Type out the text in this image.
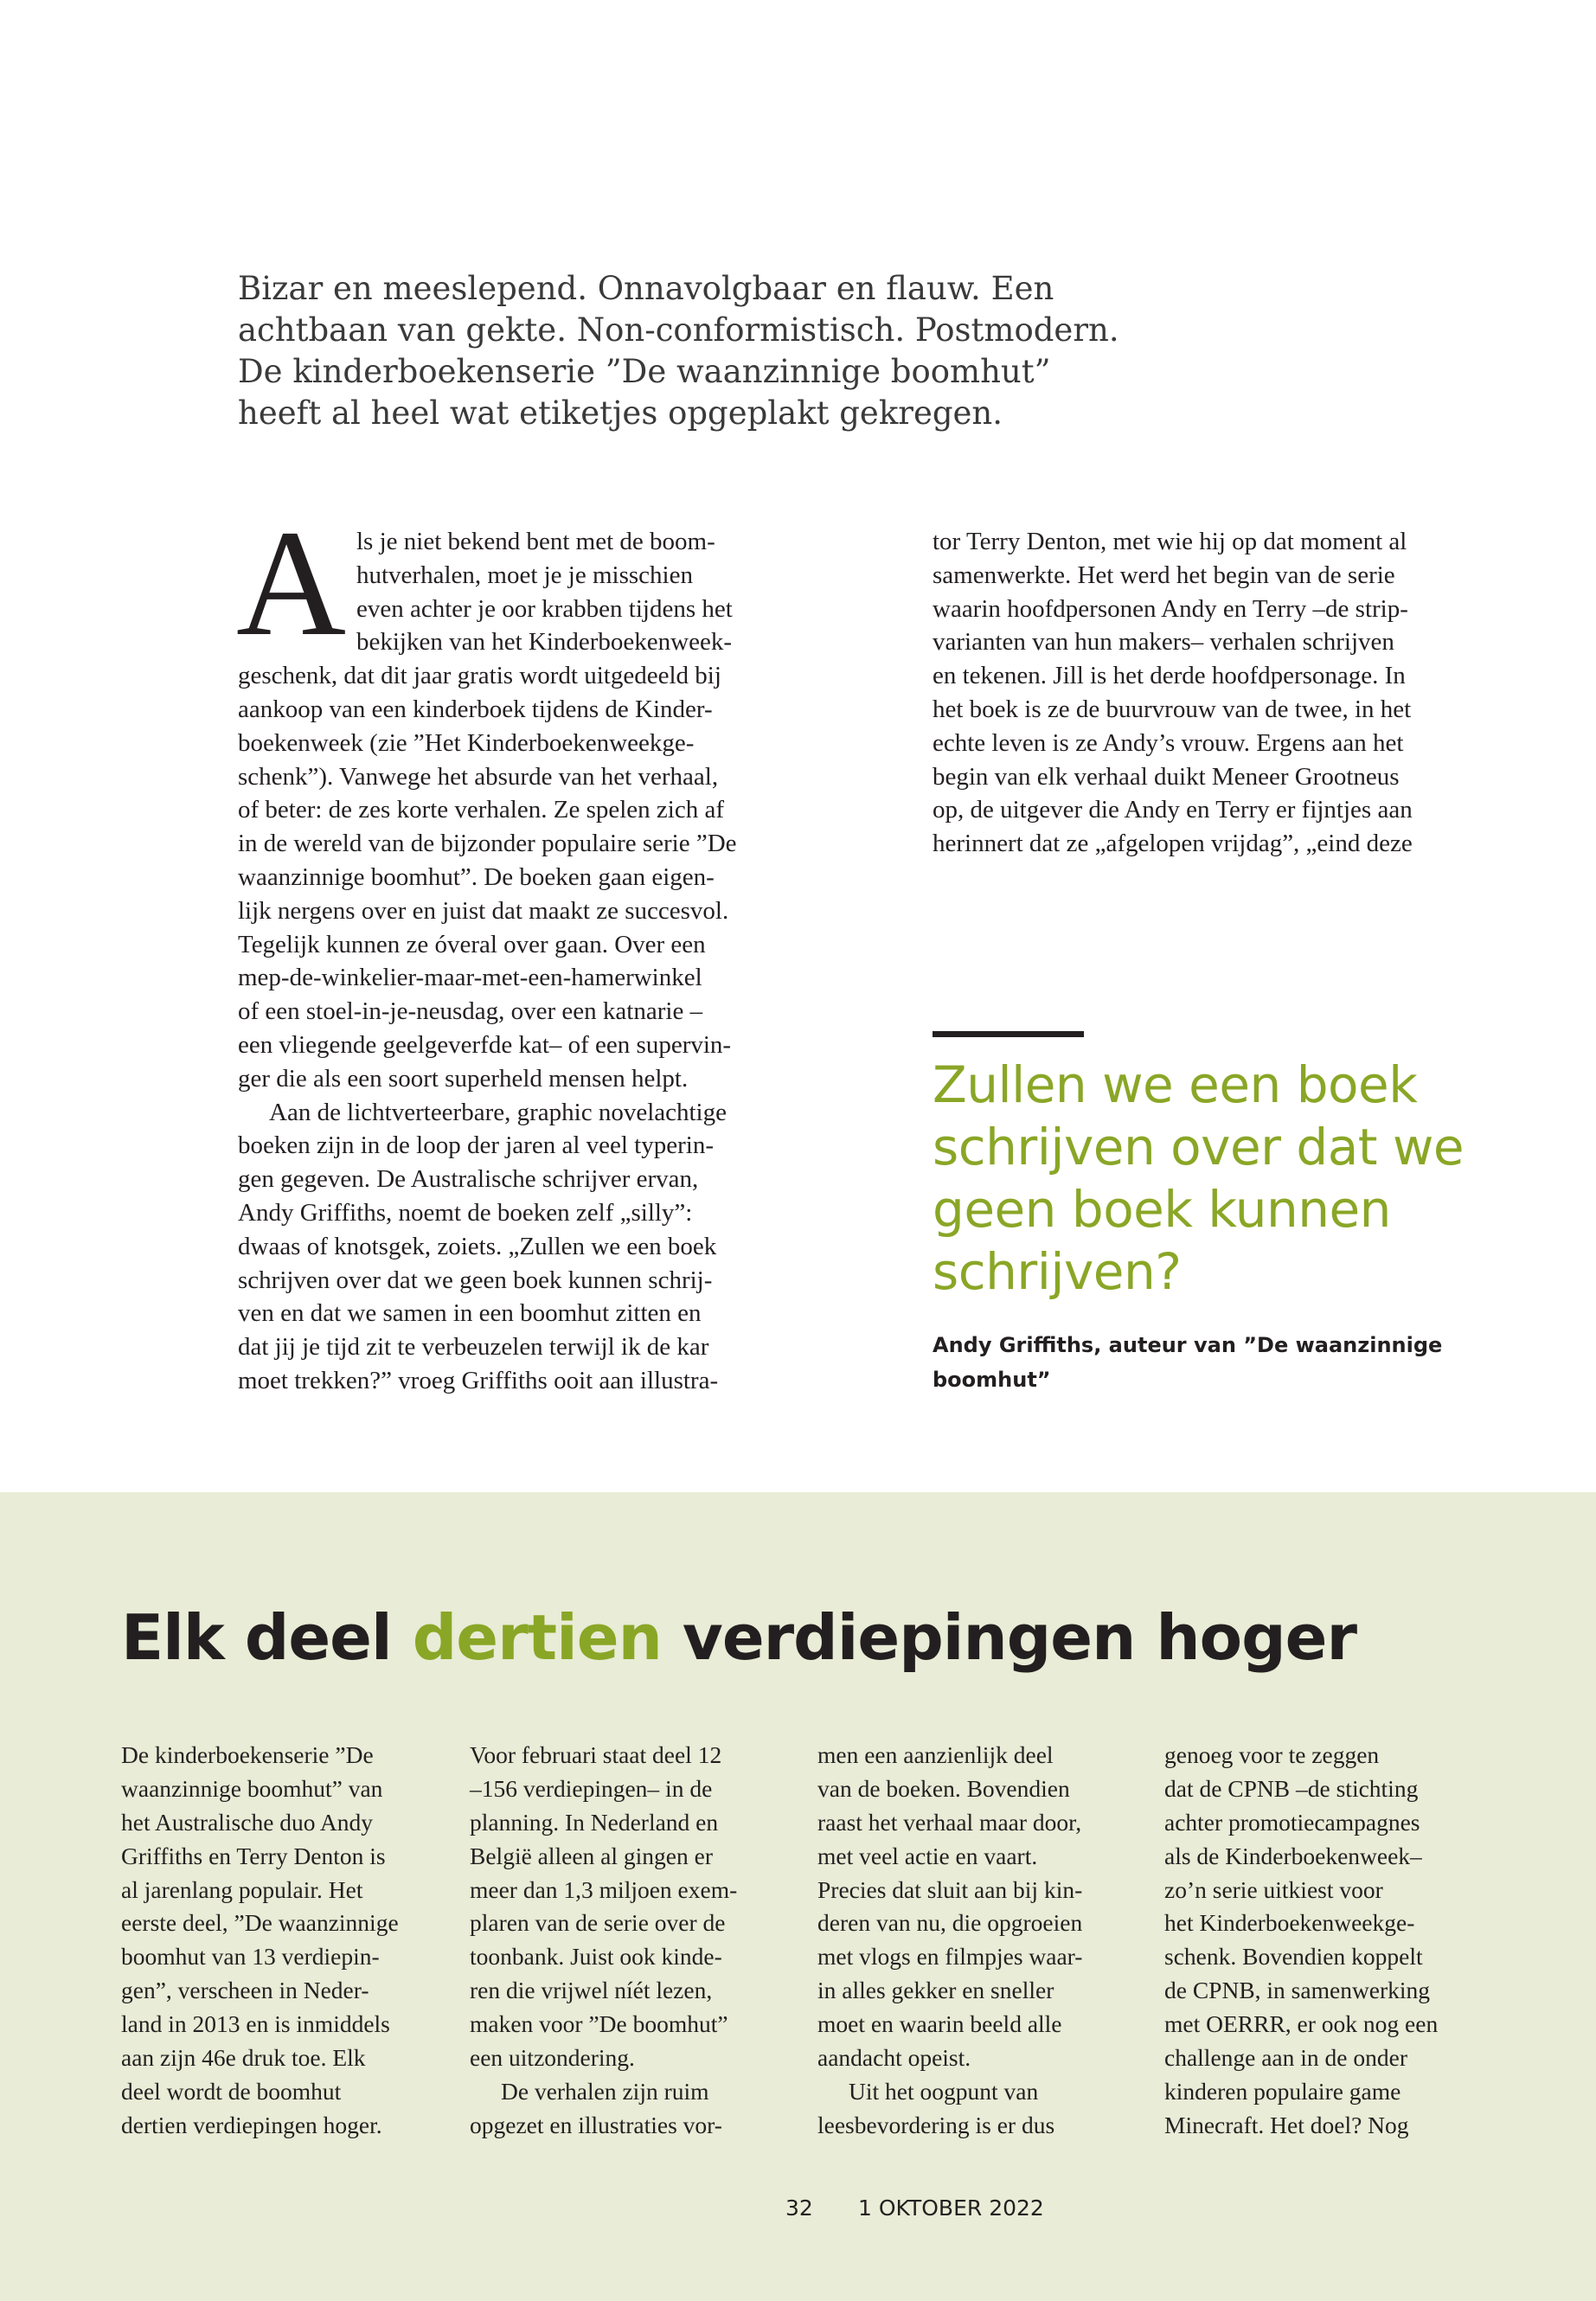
Bizar en meeslepend. Onnavolgbaar en flauw. Een
achtbaan van gekte. Non-conformistisch. Postmodern.
De kinderboekenserie ”De waanzinnige boomhut”
heeft al heel wat etiketjes opgeplakt gekregen.
A ls je niet bekend bent met de boom-
hutverhalen, moet je je misschien
even achter je oor krabben tijdens het
bekijken van het Kinderboekenweek-
geschenk, dat dit jaar gratis wordt uitgedeeld bij
aankoop van een kinderboek tijdens de Kinder-
boekenweek (zie ”Het Kinderboekenweekge-
schenk”). Vanwege het absurde van het verhaal,
of beter: de zes korte verhalen. Ze spelen zich af
in de wereld van de bijzonder populaire serie ”De
waanzinnige boomhut”. De boeken gaan eigen-
lijk nergens over en juist dat maakt ze succesvol.
Tegelijk kunnen ze óveral over gaan. Over een
mep-de-winkelier-maar-met-een-hamerwinkel
of een stoel-in-je-neusdag, over een katnarie –
een vliegende geelgeverfde kat– of een supervin-
ger die als een soort superheld mensen helpt.
Aan de lichtverteerbare, graphic novelachtige
boeken zijn in de loop der jaren al veel typerin-
gen gegeven. De Australische schrijver ervan,
Andy Griffiths, noemt de boeken zelf „silly”:
dwaas of knotsgek, zoiets. „Zullen we een boek
schrijven over dat we geen boek kunnen schrij-
ven en dat we samen in een boomhut zitten en
dat jij je tijd zit te verbeuzelen terwijl ik de kar
moet trekken?” vroeg Griffiths ooit aan illustra-
tor Terry Denton, met wie hij op dat moment al
samenwerkte. Het werd het begin van de serie
waarin hoofdpersonen Andy en Terry –de strip-
varianten van hun makers– verhalen schrijven
en tekenen. Jill is het derde hoofdpersonage. In
het boek is ze de buurvrouw van de twee, in het
echte leven is ze Andy’s vrouw. Ergens aan het
begin van elk verhaal duikt Meneer Grootneus
op, de uitgever die Andy en Terry er fijntjes aan
herinnert dat ze „afgelopen vrijdag”, „eind deze
Zullen we een boek
schrijven over dat we
geen boek kunnen
schrijven?
Andy Griffiths, auteur van ”De waanzinnige
boomhut”
Elk deel dertien verdiepingen hoger
De kinderboekenserie ”De
waanzinnige boomhut” van
het Australische duo Andy
Griffiths en Terry Denton is
al jarenlang populair. Het
eerste deel, ”De waanzinnige
boomhut van 13 verdiepin-
gen”, verscheen in Neder-
land in 2013 en is inmiddels
aan zijn 46e druk toe. Elk
deel wordt de boomhut
dertien verdiepingen hoger.
Voor februari staat deel 12
–156 verdiepingen– in de
planning. In Nederland en
België alleen al gingen er
meer dan 1,3 miljoen exem-
plaren van de serie over de
toonbank. Juist ook kinde-
ren die vrijwel níét lezen,
maken voor ”De boomhut”
een uitzondering.
De verhalen zijn ruim
opgezet en illustraties vor-
men een aanzienlijk deel
van de boeken. Bovendien
raast het verhaal maar door,
met veel actie en vaart.
Precies dat sluit aan bij kin-
deren van nu, die opgroeien
met vlogs en filmpjes waar-
in alles gekker en sneller
moet en waarin beeld alle
aandacht opeist.
Uit het oogpunt van
leesbevordering is er dus
genoeg voor te zeggen
dat de CPNB –de stichting
achter promotiecampagnes
als de Kinderboekenweek–
zo’n serie uitkiest voor
het Kinderboekenweekge-
schenk. Bovendien koppelt
de CPNB, in samenwerking
met OERRR, er ook nog een
challenge aan in de onder
kinderen populaire game
Minecraft. Het doel? Nog
32 1 OKTOBER 2022
